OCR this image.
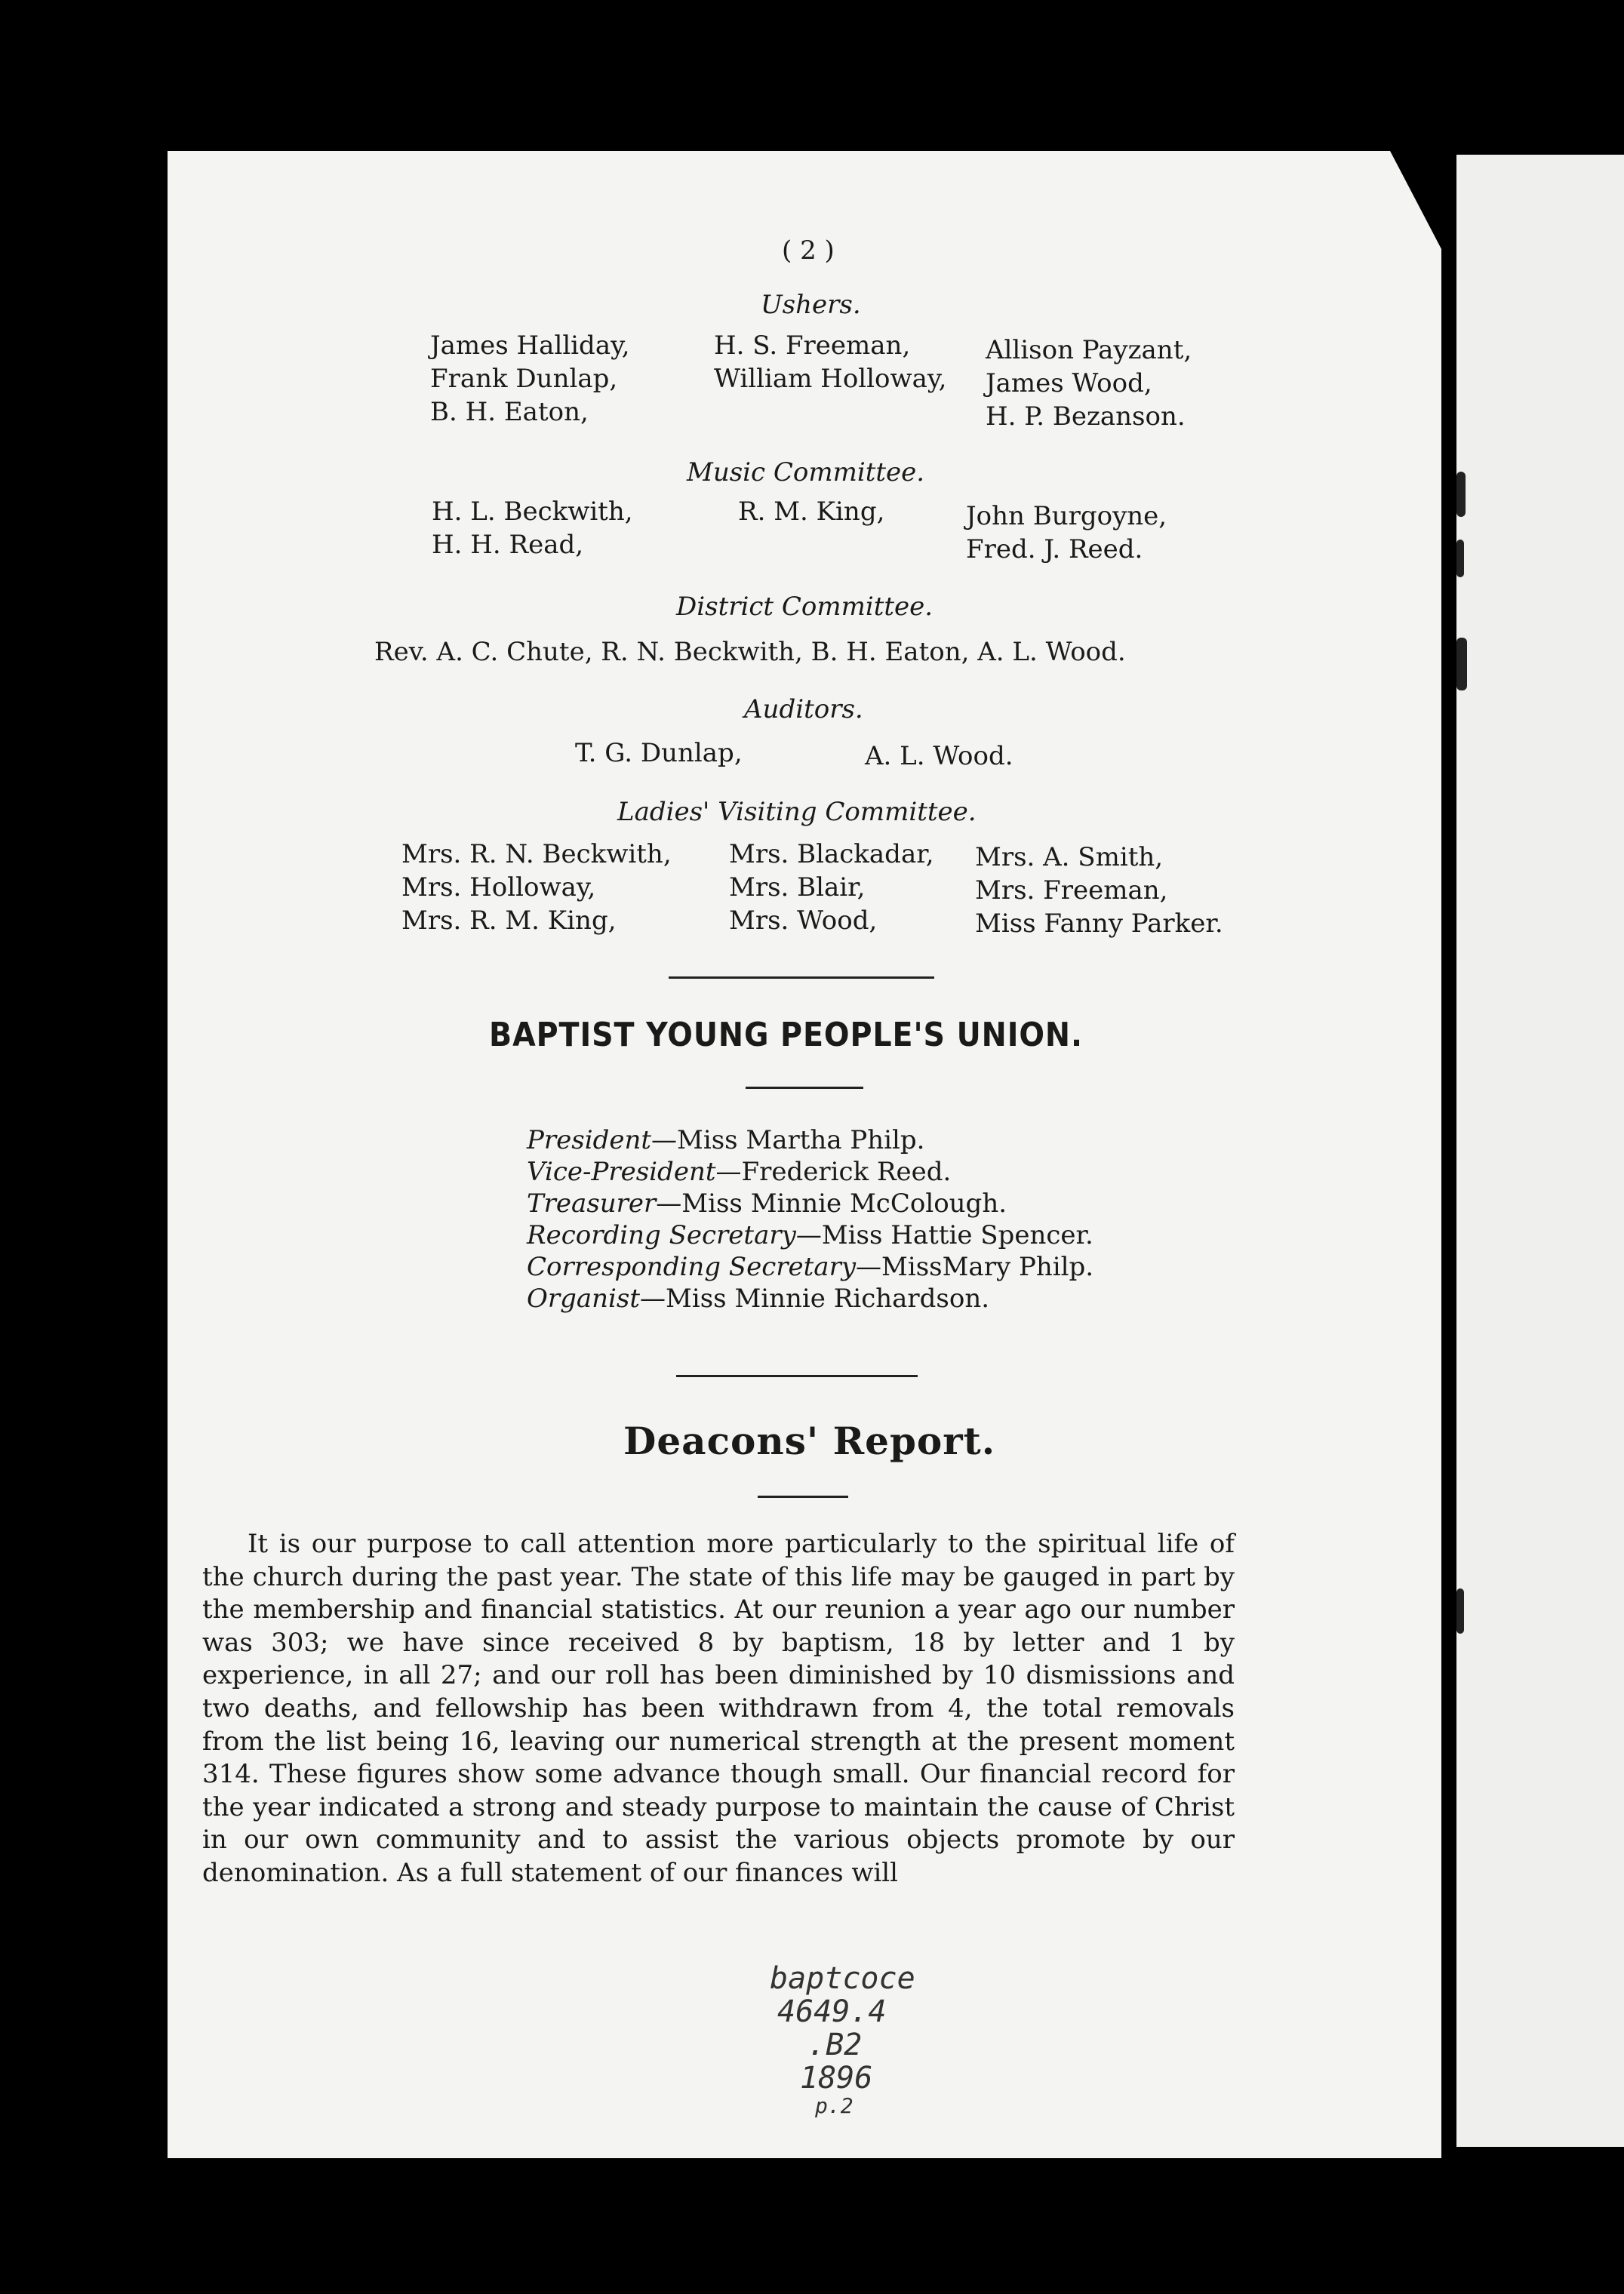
( 2 )
Ushers.
James Halliday,
Frank Dunlap,
B. H. Eaton,
H. S. Freeman,
William Holloway,
Allison Payzant,
James Wood,
H. P. Bezanson.
Music Committee.
H. L. Beckwith,
H. H. Read,
R. M. King,	John Burgoyne,
Fred. J. Reed.
District Committee.
Rev. A. C. Chute, R. N. Beckwith, B. H. Eaton, A. L. Wood.
Auditors.
T. G. Dunlap,	A. L. Wood.
Ladies' Visiting Committee.
Mrs. R. N. Beckwith,
Mrs. Holloway,
Mrs. R. M. King,
Mrs. Blackadar,
Mrs. Blair,
Mrs. Wood,
Mrs. A. Smith,
Mrs. Freeman,
Miss Fanny Parker.
BAPTIST YOUNG PEOPLE'S UNION.
President—Miss Martha Philp.
Vice-President—Frederick Reed.
Treasurer—Miss Minnie McColough.
Recording Secretary—Miss Hattie Spencer.
Corresponding Secretary—MissMary Philp.
Organist—Miss Minnie Richardson.
Deacons' Report.
It is our purpose to call attention more particularly to the spiritual life of the church during the past year. The state of this life may be gauged in part by the membership and financial statistics. At our reunion a year ago our number was 303; we have since received 8 by baptism, 18 by letter and 1 by experience, in all 27; and our roll has been diminished by 10 dismissions and two deaths, and fellowship has been withdrawn from 4, the total removals from the list being 16, leaving our numerical strength at the present moment 314. These figures show some advance though small. Our financial record for the year indicated a strong and steady purpose to maintain the cause of Christ in our own community and to assist the various objects promote by our denomination. As a full statement of our finances will
baptcoce
4649.4
.B2
1896
p.2
